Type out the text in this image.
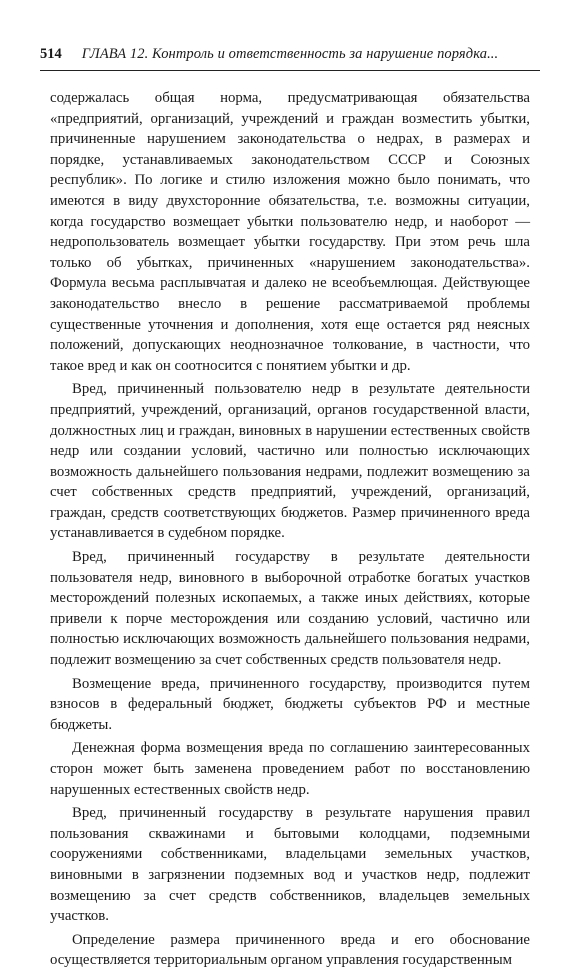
514 ГЛАВА 12. Контроль и ответственность за нарушение порядка...

содержалась общая норма, предусматривающая обязательства «предприятий, организаций, учреждений и граждан возместить убытки, причиненные нарушением законодательства о недрах, в размерах и порядке, устанавливаемых законодательством СССР и Союзных республик». По логике и стилю изложения можно было понимать, что имеются в виду двухсторонние обязательства, т.е. возможны ситуации, когда государство возмещает убытки пользователю недр, и наоборот — недропользователь возмещает убытки государству. При этом речь шла только об убытках, причиненных «нарушением законодательства». Формула весьма расплывчатая и далеко не всеобъемлющая. Действующее законодательство внесло в решение рассматриваемой проблемы существенные уточнения и дополнения, хотя еще остается ряд неясных положений, допускающих неоднозначное толкование, в частности, что такое вред и как он соотносится с понятием убытки и др.

Вред, причиненный пользователю недр в результате деятельности предприятий, учреждений, организаций, органов государственной власти, должностных лиц и граждан, виновных в нарушении естественных свойств недр или создании условий, частично или полностью исключающих возможность дальнейшего пользования недрами, подлежит возмещению за счет собственных средств предприятий, учреждений, организаций, граждан, средств соответствующих бюджетов. Размер причиненного вреда устанавливается в судебном порядке.

Вред, причиненный государству в результате деятельности пользователя недр, виновного в выборочной отработке богатых участков месторождений полезных ископаемых, а также иных действиях, которые привели к порче месторождения или созданию условий, частично или полностью исключающих возможность дальнейшего пользования недрами, подлежит возмещению за счет собственных средств пользователя недр.

Возмещение вреда, причиненного государству, производится путем взносов в федеральный бюджет, бюджеты субъектов РФ и местные бюджеты.

Денежная форма возмещения вреда по соглашению заинтересованных сторон может быть заменена проведением работ по восстановлению нарушенных естественных свойств недр.

Вред, причиненный государству в результате нарушения правил пользования скважинами и бытовыми колодцами, подземными сооружениями собственниками, владельцами земельных участков, виновными в загрязнении подземных вод и участков недр, подлежит возмещению за счет средств собственников, владельцев земельных участков.

Определение размера причиненного вреда и его обоснование осуществляется территориальным органом управления государственным
